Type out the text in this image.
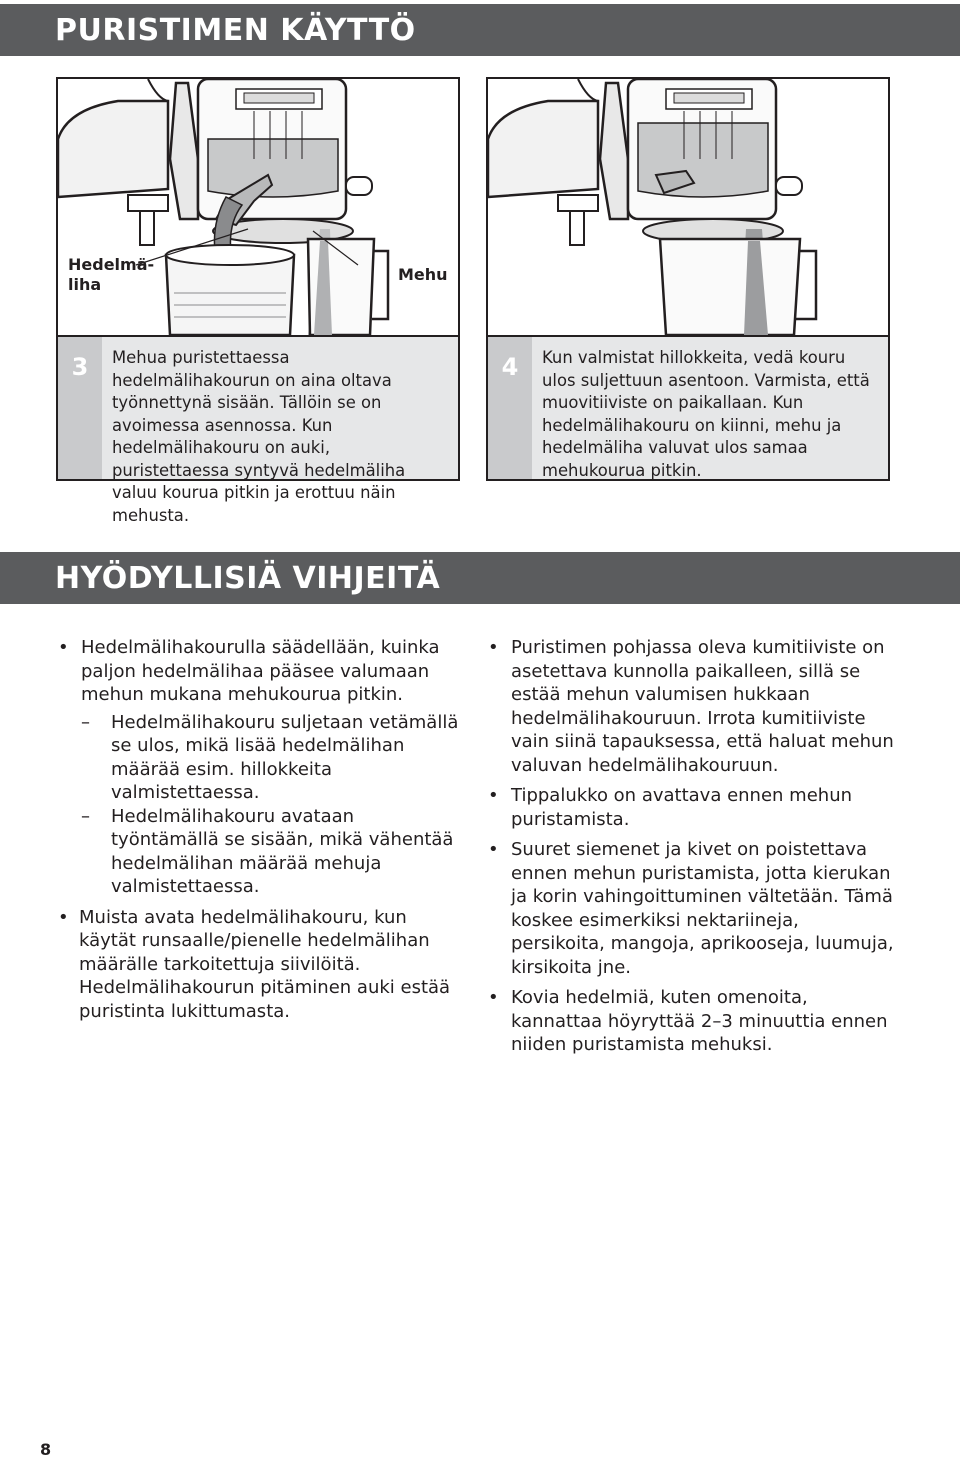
PURISTIMEN KÄYTTÖ
Hedelmä-
liha
Mehu
3	Mehua puristettaessa hedelmälihakourun on aina oltava työnnettynä sisään. Tällöin se on avoimessa asennossa. Kun hedelmälihakouru on auki, puristettaessa syntyvä hedelmäliha valuu kourua pitkin ja erottuu näin mehusta.
4	Kun valmistat hillokkeita, vedä kouru ulos suljettuun asentoon. Varmista, että muovitiiviste on paikallaan. Kun hedelmälihakouru on kiinni, mehu ja hedelmäliha valuvat ulos samaa mehukourua pitkin.
HYÖDYLLISIÄ VIHJEITÄ
• Hedelmälihakourulla säädellään, kuinka paljon hedelmälihaa pääsee valumaan mehun mukana mehukourua pitkin.
– Hedelmälihakouru suljetaan vetämällä se ulos, mikä lisää hedelmälihan määrää esim. hillokkeita valmistettaessa.
– Hedelmälihakouru avataan työntämällä se sisään, mikä vähentää hedelmälihan määrää mehuja valmistettaessa.
• Muista avata hedelmälihakouru, kun käytät runsaalle/pienelle hedelmälihan määrälle tarkoitettuja siivilöitä. Hedelmälihakourun pitäminen auki estää puristinta lukittumasta.
• Puristimen pohjassa oleva kumitiiviste on asetettava kunnolla paikalleen, sillä se estää mehun valumisen hukkaan hedelmälihakouruun. Irrota kumitiiviste vain siinä tapauksessa, että haluat mehun valuvan hedelmälihakouruun.
• Tippalukko on avattava ennen mehun puristamista.
• Suuret siemenet ja kivet on poistettava ennen mehun puristamista, jotta kierukan ja korin vahingoittuminen vältetään. Tämä koskee esimerkiksi nektariineja, persikoita, mangoja, aprikooseja, luumuja, kirsikoita jne.
• Kovia hedelmiä, kuten omenoita, kannattaa höyryttää 2–3 minuuttia ennen niiden puristamista mehuksi.
8
